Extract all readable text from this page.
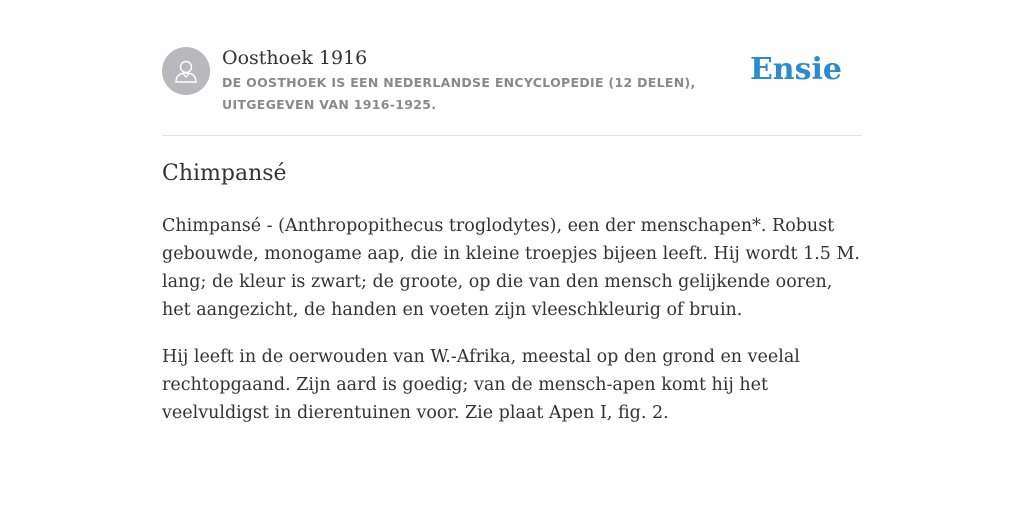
Oosthoek 1916
DE OOSTHOEK IS EEN NEDERLANDSE ENCYCLOPEDIE (12 DELEN), UITGEGEVEN VAN 1916-1925.
Ensie
Chimpansé

Chimpansé - (Anthropopithecus troglodytes), een der menschapen*. Robust gebouwde, monogame aap, die in kleine troepjes bijeen leeft. Hij wordt 1.5 M. lang; de kleur is zwart; de groote, op die van den mensch gelijkende ooren, het aangezicht, de handen en voeten zijn vleeschkleurig of bruin.

Hij leeft in de oerwouden van W.-Afrika, meestal op den grond en veelal rechtopgaand. Zijn aard is goedig; van de mensch-apen komt hij het veelvuldigst in dierentuinen voor. Zie plaat Apen I, fig. 2.
